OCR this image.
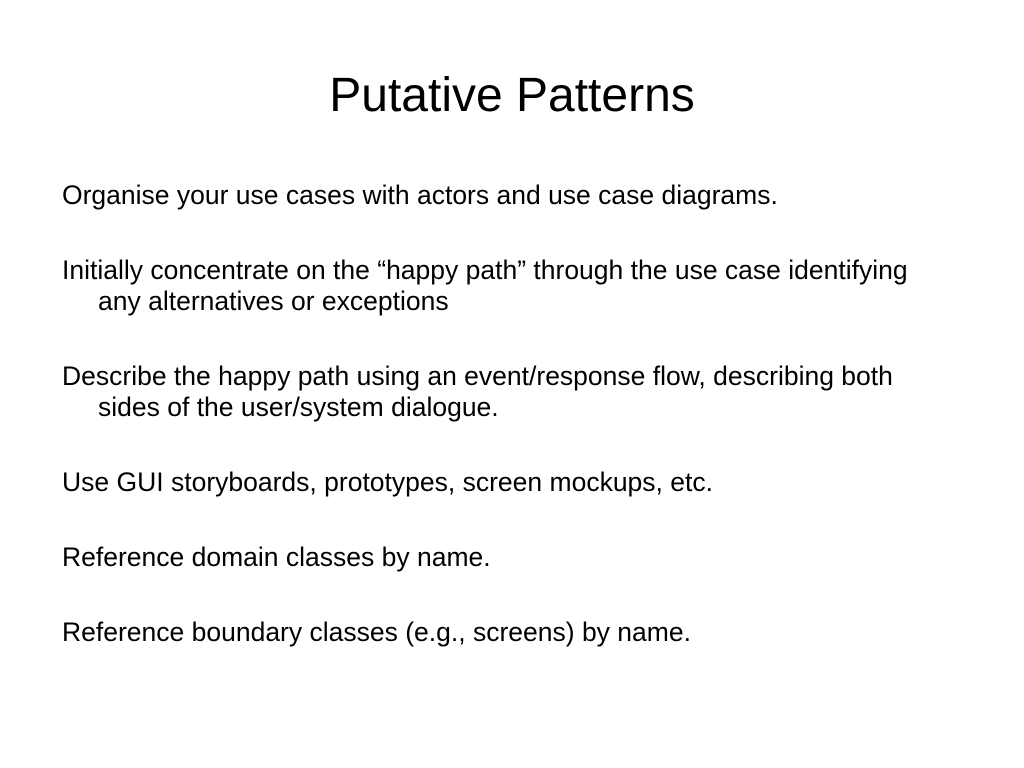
Putative Patterns
Organise your use cases with actors and use case diagrams.
Initially concentrate on the “happy path” through the use case identifying any alternatives or exceptions
Describe the happy path using an event/response flow, describing both sides of the user/system dialogue.
Use GUI storyboards, prototypes, screen mockups, etc.
Reference domain classes by name.
Reference boundary classes (e.g., screens) by name.
